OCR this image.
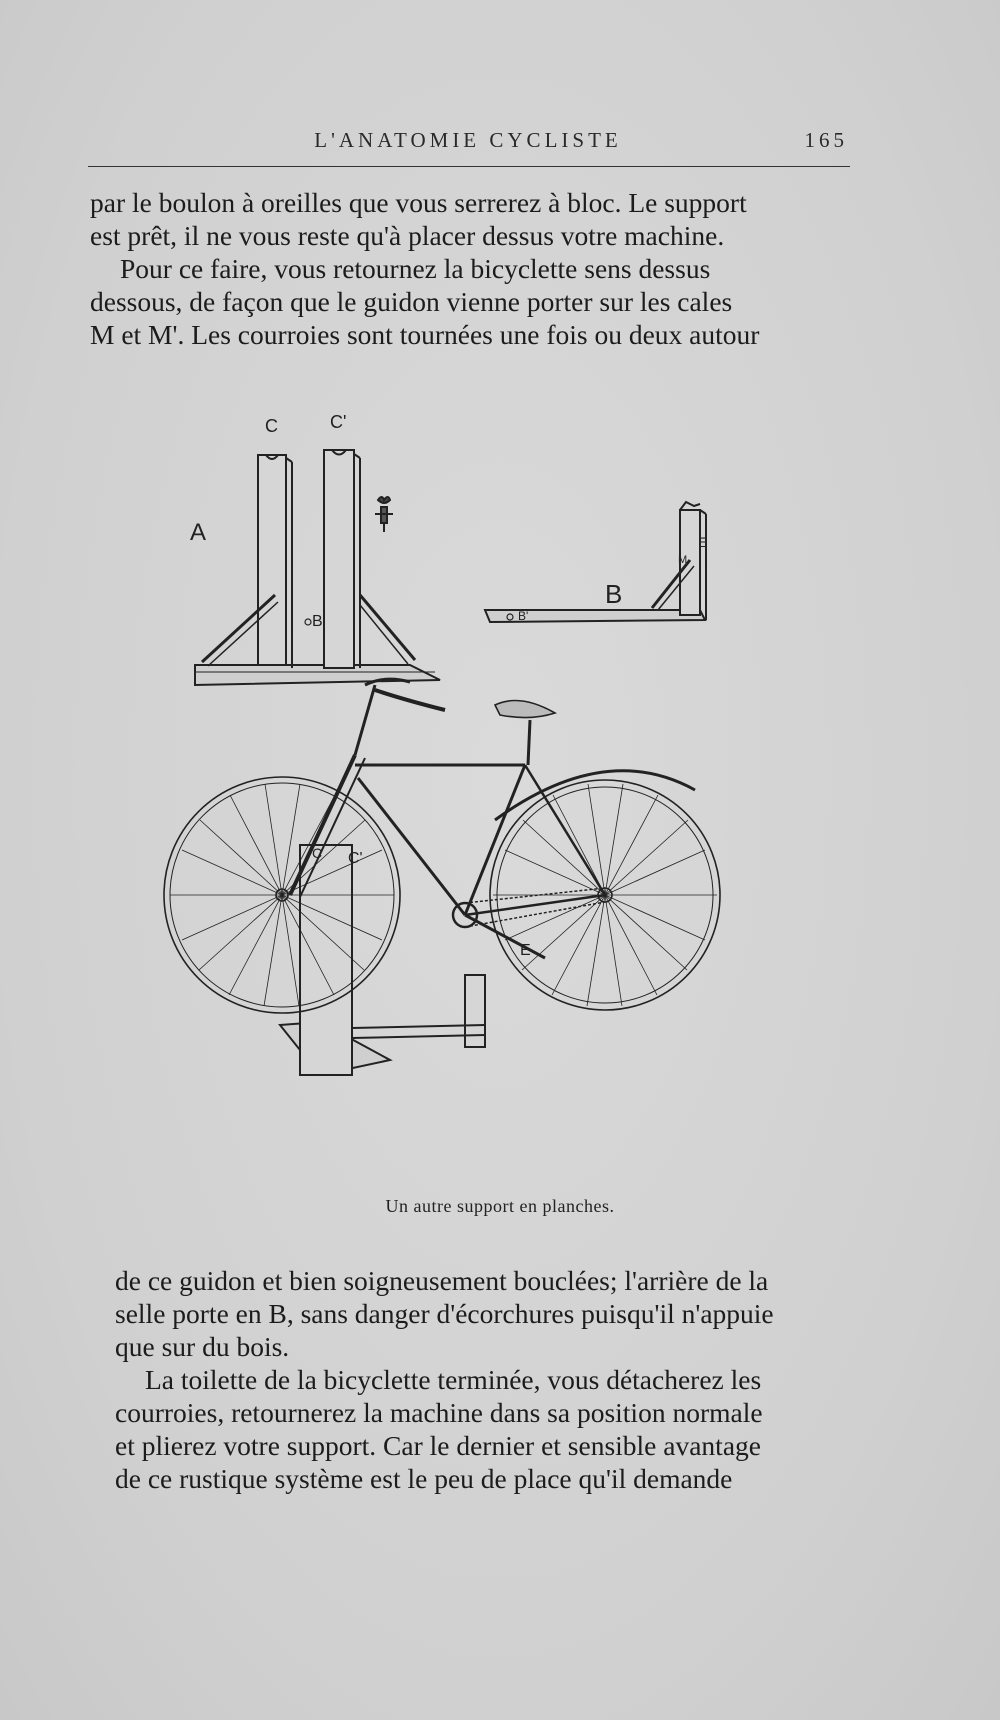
L'ANATOMIE CYCLISTE	165
par le boulon à oreilles que vous serrerez à bloc. Le support
est prêt, il ne vous reste qu'à placer dessus votre machine.
Pour ce faire, vous retournez la bicyclette sens dessus
dessous, de façon que le guidon vienne porter sur les cales
M et M'. Les courroies sont tournées une fois ou deux autour
C	C'
A
B
B
B'
E
M
C C'
E
Un autre support en planches.
de ce guidon et bien soigneusement bouclées; l'arrière de la
selle porte en B, sans danger d'écorchures puisqu'il n'appuie
que sur du bois.
La toilette de la bicyclette terminée, vous détacherez les
courroies, retournerez la machine dans sa position normale
et plierez votre support. Car le dernier et sensible avantage
de ce rustique système est le peu de place qu'il demande
